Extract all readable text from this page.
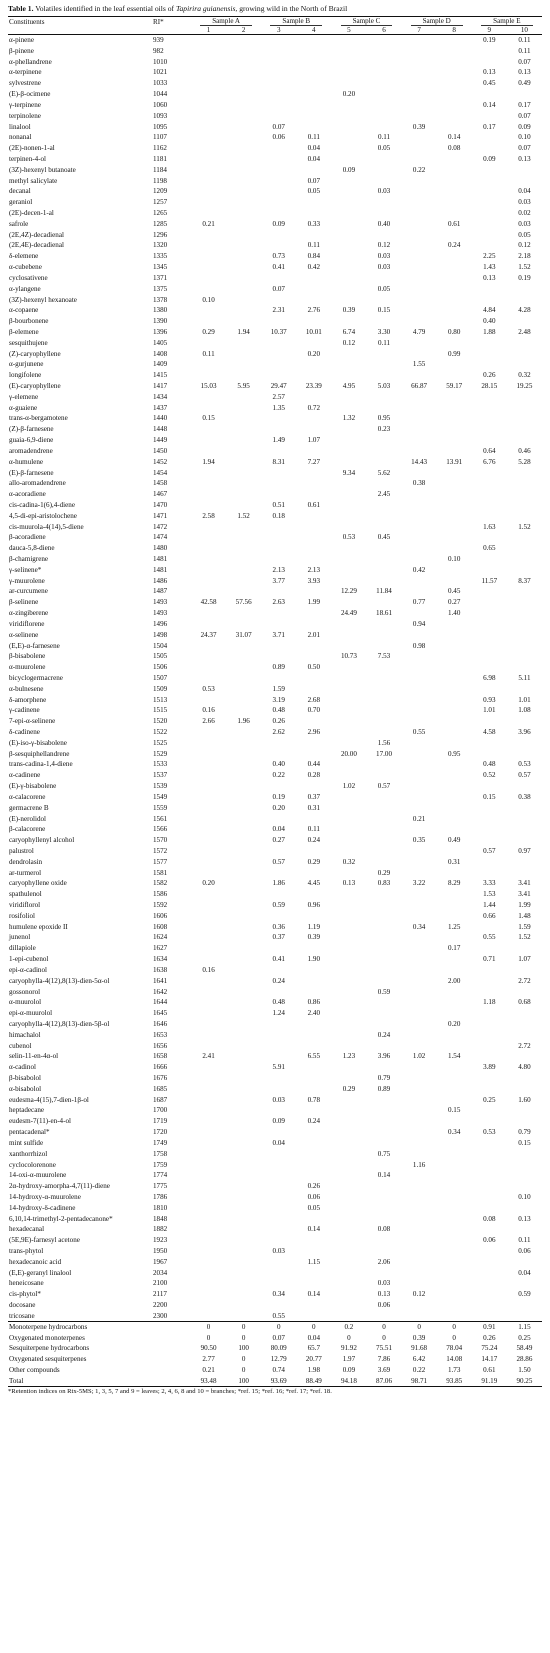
Table 1. Volatiles identified in the leaf essential oils of Tapirira guianensis, growing wild in the North of Brazil
Constituents	RI*	Sample A		Sample B		Sample C		Sample D		Sample E	
		1	2	3	4	5	6	7	8	9	10
α-pinene	939									0.19	0.11
β-pinene	982										0.11
α-phellandrene	1010										0.07
α-terpinene	1021									0.13	0.13
sylvestrene	1033									0.45	0.49
(E)-β-ocimene	1044					0.20					
γ-terpinene	1060									0.14	0.17
terpinolene	1093										0.07
linalool	1095			0.07				0.39		0.17	0.09
nonanal	1107			0.06	0.11		0.11		0.14		0.10
(2E)-nonen-1-al	1162				0.04		0.05		0.08		0.07
terpinen-4-ol	1181				0.04					0.09	0.13
(3Z)-hexenyl butanoate	1184					0.09		0.22			
methyl salicylate	1198				0.07						
decanal	1209				0.05		0.03				0.04
geraniol	1257										0.03
(2E)-decen-1-al	1265										0.02
safrole	1285	0.21		0.09	0.33		0.40		0.61		0.03
(2E,4Z)-decadienal	1296										0.05
(2E,4E)-decadienal	1320				0.11		0.12		0.24		0.12
δ-elemene	1335			0.73	0.84		0.03			2.25	2.18
α-cubebene	1345			0.41	0.42		0.03			1.43	1.52
cyclosativene	1371									0.13	0.19
α-ylangene	1375			0.07			0.05				
(3Z)-hexenyl hexanoate	1378	0.10									
α-copaene	1380			2.31	2.76	0.39	0.15			4.84	4.28
β-bourbonene	1390									0.40	
β-elemene	1396	0.29	1.94	10.37	10.01	6.74	3.30	4.79	0.80	1.88	2.48
sesquithujene	1405					0.12	0.11				
(Z)-caryophyllene	1408	0.11			0.20				0.99		
α-gurjunene	1409							1.55			
longifolene	1415									0.26	0.32
(E)-caryophyllene	1417	15.03	5.95	29.47	23.39	4.95	5.03	66.87	59.17	28.15	19.25
γ-elemene	1434			2.57							
α-guaiene	1437			1.35	0.72						
trans-α-bergamotene	1440	0.15				1.32	0.95				
(Z)-β-farnesene	1448						0.23				
guaia-6,9-diene	1449			1.49	1.07						
aromadendrene	1450									0.64	0.46
α-humulene	1452	1.94		8.31	7.27			14.43	13.91	6.76	5.28
(E)-β-farnesene	1454					9.34	5.62				
allo-aromadendrene	1458							0.38			
α-acoradiene	1467						2.45				
cis-cadina-1(6),4-diene	1470			0.51	0.61						
4,5-di-epi-aristolochene	1471	2.58	1.52	0.18							
cis-muurola-4(14),5-diene	1472									1.63	1.52
β-acoradiene	1474					0.53	0.45				
dauca-5,8-diene	1480									0.65	
β-chamigrene	1481								0.10		
γ-selinene*	1481			2.13	2.13			0.42			
γ-muurolene	1486			3.77	3.93					11.57	8.37
ar-curcumene	1487					12.29	11.84		0.45		
β-selinene	1493	42.58	57.56	2.63	1.99			0.77	0.27		
α-zingiberene	1493					24.49	18.61		1.40		
viridiflorene	1496							0.94			
α-selinene	1498	24.37	31.07	3.71	2.01						
(E,E)-α-farnesene	1504							0.98			
β-bisabolene	1505					10.73	7.53				
α-muurolene	1506			0.89	0.50						
bicyclogermacrene	1507									6.98	5.11
α-bulnesene	1509	0.53		1.59							
δ-amorphene	1513			3.19	2.68					0.93	1.01
γ-cadinene	1515	0.16		0.48	0.70					1.01	1.08
7-epi-α-selinene	1520	2.66	1.96	0.26							
δ-cadinene	1522			2.62	2.96			0.55		4.58	3.96
(E)-iso-γ-bisabolene	1525						1.56				
β-sesquiphellandrene	1529					20.00	17.00		0.95		
trans-cadina-1,4-diene	1533			0.40	0.44					0.48	0.53
α-cadinene	1537			0.22	0.28					0.52	0.57
(E)-γ-bisabolene	1539					1.02	0.57				
α-calacorene	1549			0.19	0.37					0.15	0.38
germacrene B	1559			0.20	0.31						
(E)-nerolidol	1561							0.21			
β-calacorene	1566			0.04	0.11						
caryophyllenyl alcohol	1570			0.27	0.24			0.35	0.49		
palustrol	1572									0.57	0.97
dendrolasin	1577			0.57	0.29	0.32			0.31		
ar-turmerol	1581						0.29				
caryophyllene oxide	1582	0.20		1.86	4.45	0.13	0.83	3.22	8.29	3.33	3.41
spathulenol	1586									1.53	3.41
viridiflorol	1592			0.59	0.96					1.44	1.99
rosifoliol	1606									0.66	1.48
humulene epoxide II	1608			0.36	1.19			0.34	1.25		1.59
junenol	1624			0.37	0.39					0.55	1.52
dillapiole	1627								0.17		
1-epi-cubenol	1634			0.41	1.90					0.71	1.07
epi-α-cadinol	1638	0.16									
caryophylla-4(12),8(13)-dien-5α-ol	1641			0.24					2.00		2.72
gossonorol	1642						0.59				
α-muurolol	1644			0.48	0.86					1.18	0.68
epi-α-muurolol	1645			1.24	2.40						
caryophylla-4(12),8(13)-dien-5β-ol	1646								0.20		
himachalol	1653						0.24				
cubenol	1656										2.72
selin-11-en-4α-ol	1658	2.41			6.55	1.23	3.96	1.02	1.54		
α-cadinol	1666			5.91						3.89	4.80
β-bisabolol	1676						0.79				
α-bisabolol	1685					0.29	0.89				
eudesma-4(15),7-dien-1β-ol	1687			0.03	0.78					0.25	1.60
heptadecane	1700								0.15		
eudesm-7(11)-en-4-ol	1719			0.09	0.24						
pentacadenal*	1720								0.34	0.53	0.79
mint sulfide	1749			0.04							0.15
xanthorrhizol	1758						0.75				
cyclocolorenone	1759							1.16			
14-oxi-α-muurolene	1774						0.14				
2α-hydroxy-amorpha-4,7(11)-diene	1775				0.26						
14-hydroxy-α-muurolene	1786				0.06						0.10
14-hydroxy-δ-cadinene	1810				0.05						
6,10,14-trimethyl-2-pentadecanone*	1848									0.08	0.13
hexadecanal	1882				0.14		0.08				
(5E,9E)-farnesyl acetone	1923									0.06	0.11
trans-phytol	1950			0.03							0.06
hexadecanoic acid	1967				1.15		2.06				
(E,E)-geranyl linalool	2034										0.04
heneicosane	2100						0.03				
cis-phytol*	2117			0.34	0.14		0.13	0.12			0.59
docosane	2200						0.06				
tricosane	2300			0.55							
Monoterpene hydrocarbons		0	0	0	0	0.2	0	0	0	0.91	1.15
Oxygenated monoterpenes		0	0	0.07	0.04	0	0	0.39	0	0.26	0.25
Sesquiterpene hydrocarbons		90.50	100	80.09	65.7	91.92	75.51	91.68	78.04	75.24	58.49
Oxygenated sesquiterpenes		2.77	0	12.79	20.77	1.97	7.86	6.42	14.08	14.17	28.86
Other compounds		0.21	0	0.74	1.98	0.09	3.69	0.22	1.73	0.61	1.50
Total		93.48	100	93.69	88.49	94.18	87.06	98.71	93.85	91.19	90.25
*Retention indices on Rtx-5MS; 1, 3, 5, 7 and 9 = leaves; 2, 4, 6, 8 and 10 = branches; *ref. 15; *ref. 16; *ref. 17; *ref. 18.
